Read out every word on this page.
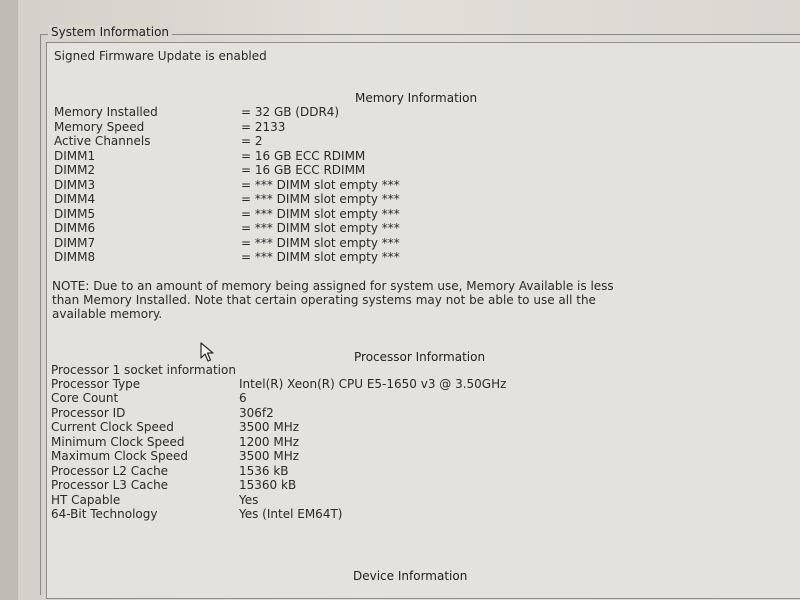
System Information
Signed Firmware Update is enabled
Memory Information
Memory Installed	= 32 GB (DDR4)
Memory Speed	= 2133
Active Channels	= 2
DIMM1	= 16 GB ECC RDIMM
DIMM2	= 16 GB ECC RDIMM
DIMM3	= *** DIMM slot empty ***
DIMM4	= *** DIMM slot empty ***
DIMM5	= *** DIMM slot empty ***
DIMM6	= *** DIMM slot empty ***
DIMM7	= *** DIMM slot empty ***
DIMM8	= *** DIMM slot empty ***
NOTE: Due to an amount of memory being assigned for system use, Memory Available is less
than Memory Installed. Note that certain operating systems may not be able to use all the
available memory.
Processor Information
Processor 1 socket information
Processor Type	Intel(R) Xeon(R) CPU E5-1650 v3 @ 3.50GHz
Core Count	6
Processor ID	306f2
Current Clock Speed	3500 MHz
Minimum Clock Speed	1200 MHz
Maximum Clock Speed	3500 MHz
Processor L2 Cache	1536 kB
Processor L3 Cache	15360 kB
HT Capable	Yes
64-Bit Technology	Yes (Intel EM64T)
Device Information
